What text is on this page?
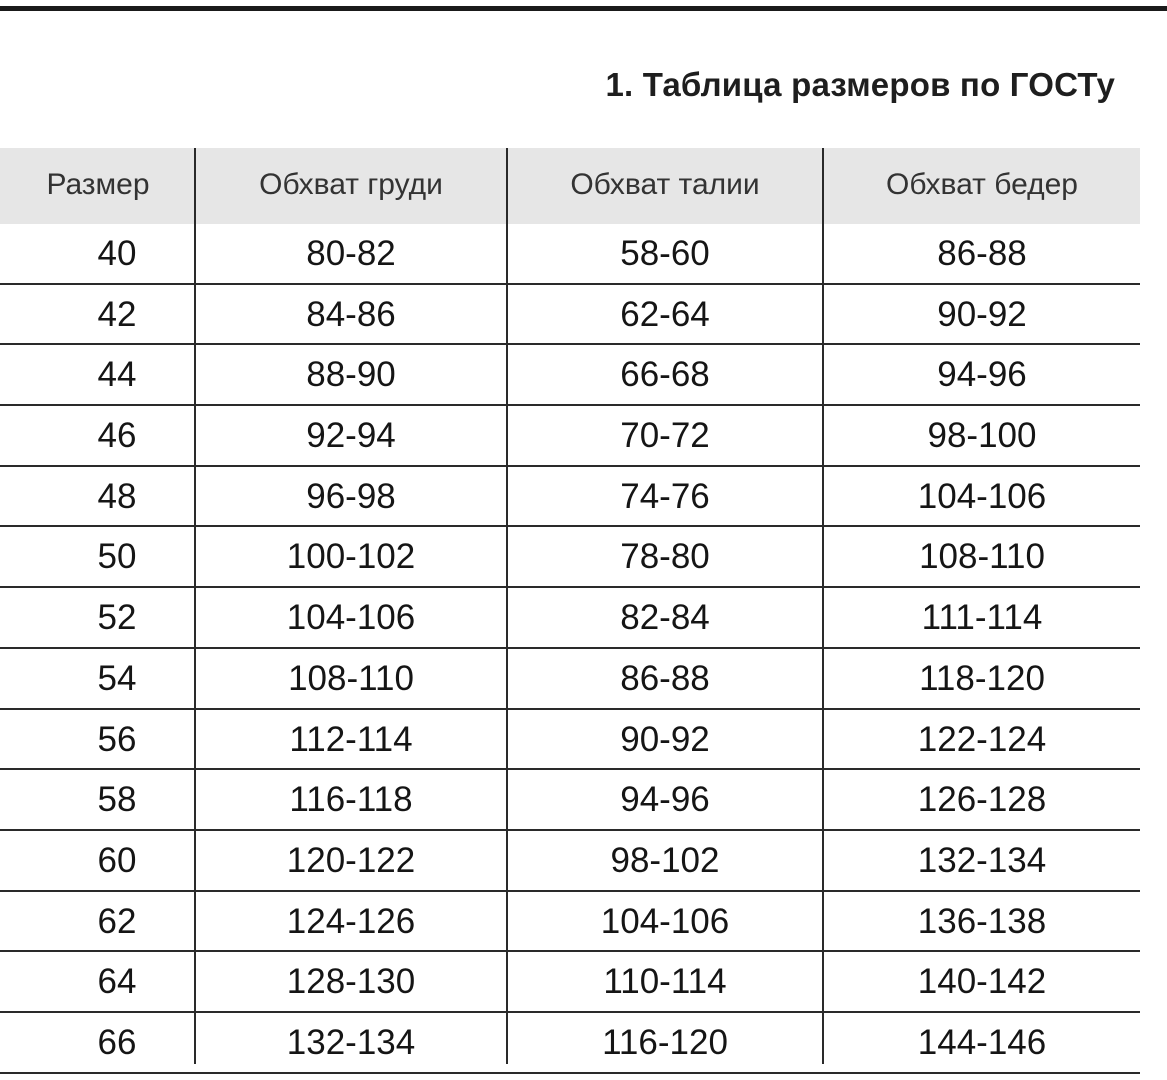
1. Таблица размеров по ГОСТу
Размер	Обхват груди	Обхват талии	Обхват бедер
40	80-82	58-60	86-88
42	84-86	62-64	90-92
44	88-90	66-68	94-96
46	92-94	70-72	98-100
48	96-98	74-76	104-106
50	100-102	78-80	108-110
52	104-106	82-84	111-114
54	108-110	86-88	118-120
56	112-114	90-92	122-124
58	116-118	94-96	126-128
60	120-122	98-102	132-134
62	124-126	104-106	136-138
64	128-130	110-114	140-142
66	132-134	116-120	144-146
